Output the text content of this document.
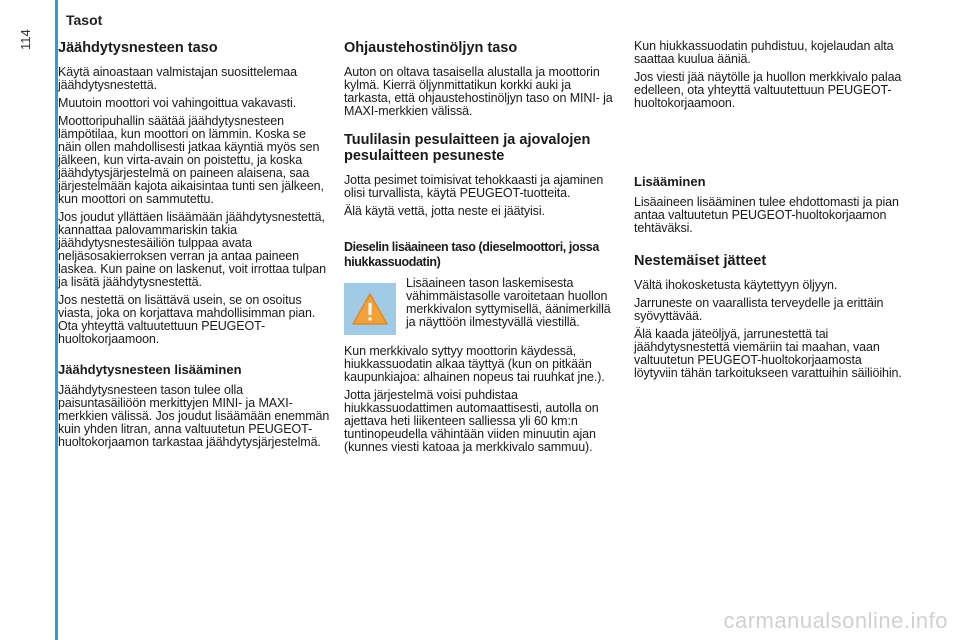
114
Tasot
Jäähdytysnesteen taso

Käytä ainoastaan valmistajan suosittelemaa jäähdytysnestettä.

Muutoin moottori voi vahingoittua vakavasti.

Moottoripuhallin säätää jäähdytysnesteen lämpötilaa, kun moottori on lämmin. Koska se näin ollen mahdollisesti jatkaa käyntiä myös sen jälkeen, kun virta-avain on poistettu, ja koska jäähdytysjärjestelmä on paineen alaisena, saa järjestelmään kajota aikaisintaa tunti sen jälkeen, kun moottori on sammutettu.

Jos joudut yllättäen lisäämään jäähdytysnestettä, kannattaa palovammariskin takia jäähdytysnestesäiliön tulppaa avata neljäsosakierroksen verran ja antaa paineen laskea. Kun paine on laskenut, voit irrottaa tulpan ja lisätä jäähdytysnestettä.

Jos nestettä on lisättävä usein, se on osoitus viasta, joka on korjattava mahdollisimman pian. Ota yhteyttä valtuutettuun PEUGEOT-huoltokorjaamoon.

Jäähdytysnesteen lisääminen

Jäähdytysnesteen tason tulee olla paisuntasäiliöön merkittyjen MINI- ja MAXI-merkkien välissä. Jos joudut lisäämään enemmän kuin yhden litran, anna valtuutetun PEUGEOT-huoltokorjaamon tarkastaa jäähdytysjärjestelmä.

Ohjaustehostinöljyn taso

Auton on oltava tasaisella alustalla ja moottorin kylmä. Kierrä öljynmittatikun korkki auki ja tarkasta, että ohjaustehostinöljyn taso on MINI- ja MAXI-merkkien välissä.

Tuulilasin pesulaitteen ja ajovalojen pesulaitteen pesuneste

Jotta pesimet toimisivat tehokkaasti ja ajaminen olisi turvallista, käytä PEUGEOT-tuotteita.

Älä käytä vettä, jotta neste ei jäätyisi.

Dieselin lisäaineen taso (dieselmoottori, jossa hiukkassuodatin)

Lisäaineen tason laskemisesta vähimmäistasolle varoitetaan huollon merkkivalon syttymisellä, äänimerkillä ja näyttöön ilmestyvällä viestillä.

Kun merkkivalo syttyy moottorin käydessä, hiukkassuodatin alkaa täyttyä (kun on pitkään kaupunkiajoa: alhainen nopeus tai ruuhkat jne.).

Jotta järjestelmä voisi puhdistaa hiukkassuodattimen automaattisesti, autolla on ajettava heti liikenteen salliessa yli 60 km:n tuntinopeudella vähintään viiden minuutin ajan (kunnes viesti katoaa ja merkkivalo sammuu).

Kun hiukkassuodatin puhdistuu, kojelaudan alta saattaa kuulua ääniä.

Jos viesti jää näytölle ja huollon merkkivalo palaa edelleen, ota yhteyttä valtuutettuun PEUGEOT-huoltokorjaamoon.

Lisääminen

Lisäaineen lisääminen tulee ehdottomasti ja pian antaa valtuutetun PEUGEOT-huoltokorjaamon tehtäväksi.

Nestemäiset jätteet

Vältä ihokosketusta käytettyyn öljyyn.

Jarruneste on vaarallista terveydelle ja erittäin syövyttävää.

Älä kaada jäteöljyä, jarrunestettä tai jäähdytysnestettä viemäriin tai maahan, vaan valtuutetun PEUGEOT-huoltokorjaamosta löytyviin tähän tarkoitukseen varattuihin säiliöihin.

carmanualsonline.info
